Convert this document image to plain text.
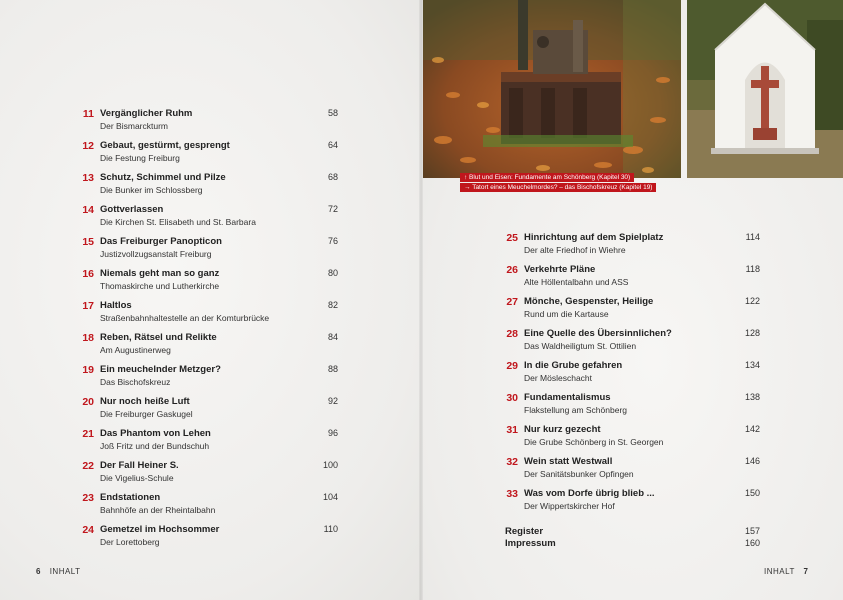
↑ Blut und Eisen: Fundamente am Schönberg (Kapitel 30)
→ Tatort eines Meuchelmordes? – das Bischofskreuz (Kapitel 19)
11 Vergänglicher Ruhm
Der Bismarckturm
58
12 Gebaut, gestürmt, gesprengt
Die Festung Freiburg
64
13 Schutz, Schimmel und Pilze
Die Bunker im Schlossberg
68
14 Gottverlassen
Die Kirchen St. Elisabeth und St. Barbara
72
15 Das Freiburger Panopticon
Justizvollzugsanstalt Freiburg
76
16 Niemals geht man so ganz
Thomaskirche und Lutherkirche
80
17 Haltlos
Straßenbahnhaltestelle an der Komturbrücke
82
18 Reben, Rätsel und Relikte
Am Augustinerweg
84
19 Ein meuchelnder Metzger?
Das Bischofskreuz
88
20 Nur noch heiße Luft
Die Freiburger Gaskugel
92
21 Das Phantom von Lehen
Joß Fritz und der Bundschuh
96
22 Der Fall Heiner S.
Die Vigelius-Schule
100
23 Endstationen
Bahnhöfe an der Rheintalbahn
104
24 Gemetzel im Hochsommer
Der Lorettoberg
110
25 Hinrichtung auf dem Spielplatz
Der alte Friedhof in Wiehre
114
26 Verkehrte Pläne
Alte Höllentalbahn und ASS
118
27 Mönche, Gespenster, Heilige
Rund um die Kartause
122
28 Eine Quelle des Übersinnlichen?
Das Waldheiligtum St. Ottilien
128
29 In die Grube gefahren
Der Mösleschacht
134
30 Fundamentalismus
Flakstellung am Schönberg
138
31 Nur kurz gezecht
Die Grube Schönberg in St. Georgen
142
32 Wein statt Westwall
Der Sanitätsbunker Opfingen
146
33 Was vom Dorfe übrig blieb ...
Der Wippertskircher Hof
150
Register	157
Impressum	160
6 INHALT	INHALT 7
